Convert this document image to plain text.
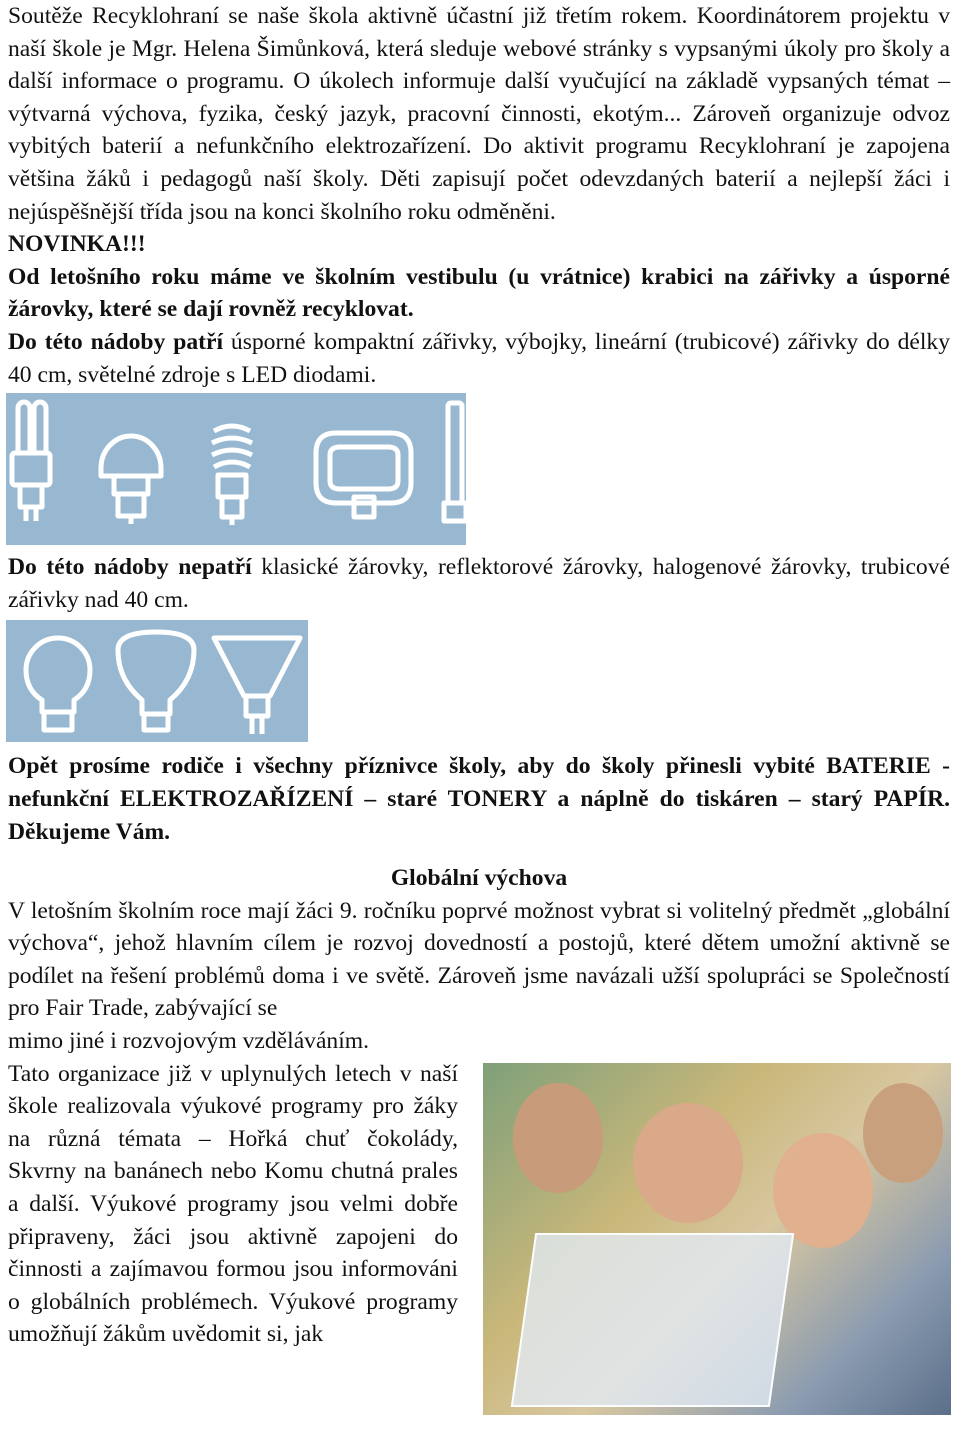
Soutěže Recyklohraní se naše škola aktivně účastní již třetím rokem. Koordinátorem projektu v naší škole je Mgr. Helena Šimůnková, která sleduje webové stránky s vypsanými úkoly pro školy a další informace o programu. O úkolech informuje další vyučující na základě vypsaných témat – výtvarná výchova, fyzika, český jazyk, pracovní činnosti, ekotým... Zároveň organizuje odvoz vybitých baterií a nefunkčního elektrozařízení. Do aktivit programu Recyklohraní je zapojena většina žáků i pedagogů naší školy. Děti zapisují počet odevzdaných baterií a nejlepší žáci i nejúspěšnější třída jsou na konci školního roku odměněni.

NOVINKA!!!

Od letošního roku máme ve školním vestibulu (u vrátnice) krabici na zářivky a úsporné žárovky, které se dají rovněž recyklovat.

Do této nádoby patří úsporné kompaktní zářivky, výbojky, lineární (trubicové) zářivky do délky 40 cm, světelné zdroje s LED diodami.

Do této nádoby nepatří klasické žárovky, reflektorové žárovky, halogenové žárovky, trubicové zářivky nad 40 cm.

Opět prosíme rodiče i všechny příznivce školy, aby do školy přinesli vybité BATERIE - nefunkční ELEKTROZAŘÍZENÍ – staré TONERY a náplně do tiskáren – starý PAPÍR. Děkujeme Vám.

Globální výchova

V letošním školním roce mají žáci 9. ročníku poprvé možnost vybrat si volitelný předmět „globální výchova“, jehož hlavním cílem je rozvoj dovedností a postojů, které dětem umožní aktivně se podílet na řešení problémů doma i ve světě. Zároveň jsme navázali užší spolupráci se Společností pro Fair Trade, zabývající se

mimo jiné i rozvojovým vzděláváním.

Tato organizace již v uplynulých letech v naší škole realizovala výukové programy pro žáky na různá témata – Hořká chuť čokolády, Skvrny na banánech nebo Komu chutná prales a další. Výukové programy jsou velmi dobře připraveny, žáci jsou aktivně zapojeni do činnosti a zajímavou formou jsou informováni o globálních problémech. Výukové programy umožňují žákům uvědomit si, jak
